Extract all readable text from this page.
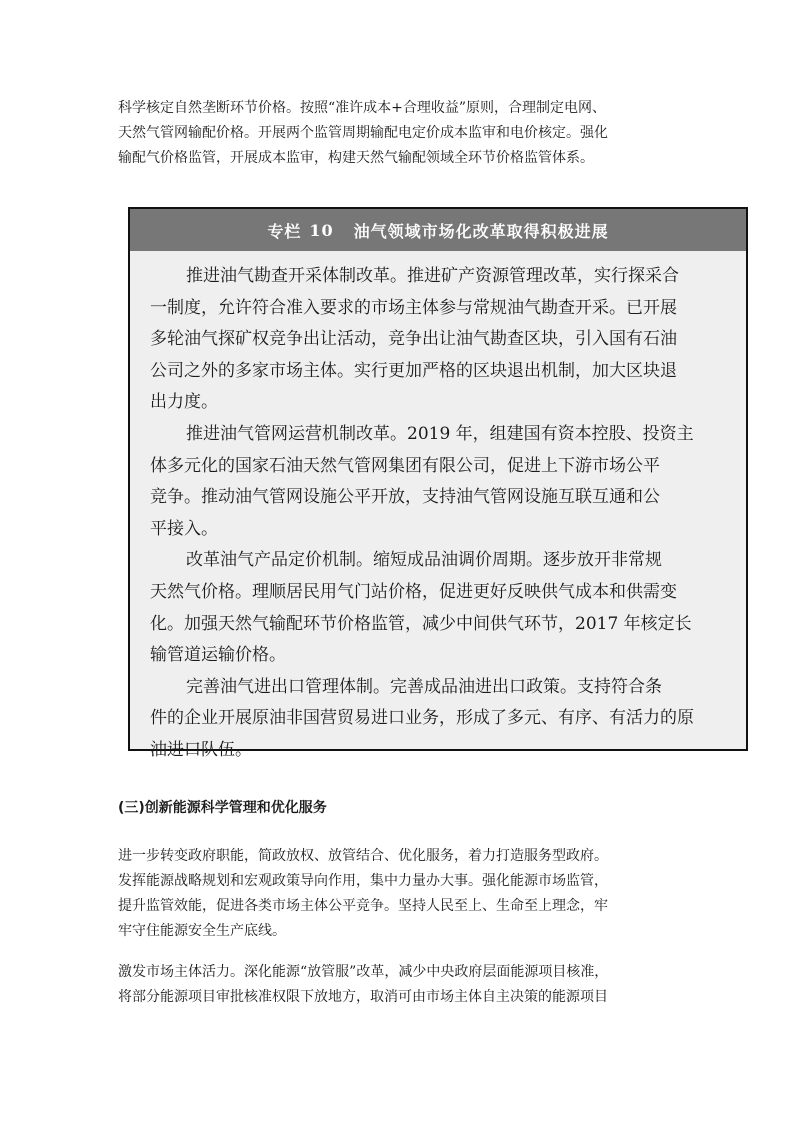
科学核定自然垄断环节价格。按照“准许成本+合理收益”原则，合理制定电网、
天然气管网输配价格。开展两个监管周期输配电定价成本监审和电价核定。强化
输配气价格监管，开展成本监审，构建天然气输配领域全环节价格监管体系。

专栏 10 油气领域市场化改革取得积极进展
推进油气勘查开采体制改革。推进矿产资源管理改革，实行探采合
一制度，允许符合准入要求的市场主体参与常规油气勘查开采。已开展
多轮油气探矿权竞争出让活动，竞争出让油气勘查区块，引入国有石油
公司之外的多家市场主体。实行更加严格的区块退出机制，加大区块退
出力度。
推进油气管网运营机制改革。2019 年，组建国有资本控股、投资主
体多元化的国家石油天然气管网集团有限公司，促进上下游市场公平
竞争。推动油气管网设施公平开放，支持油气管网设施互联互通和公
平接入。
改革油气产品定价机制。缩短成品油调价周期。逐步放开非常规
天然气价格。理顺居民用气门站价格，促进更好反映供气成本和供需变
化。加强天然气输配环节价格监管，减少中间供气环节，2017 年核定长
输管道运输价格。
完善油气进出口管理体制。完善成品油进出口政策。支持符合条
件的企业开展原油非国营贸易进口业务，形成了多元、有序、有活力的原
油进口队伍。
(三)创新能源科学管理和优化服务

进一步转变政府职能，简政放权、放管结合、优化服务，着力打造服务型政府。
发挥能源战略规划和宏观政策导向作用，集中力量办大事。强化能源市场监管，
提升监管效能，促进各类市场主体公平竞争。坚持人民至上、生命至上理念，牢
牢守住能源安全生产底线。

激发市场主体活力。深化能源“放管服”改革，减少中央政府层面能源项目核准，
将部分能源项目审批核准权限下放地方，取消可由市场主体自主决策的能源项目
